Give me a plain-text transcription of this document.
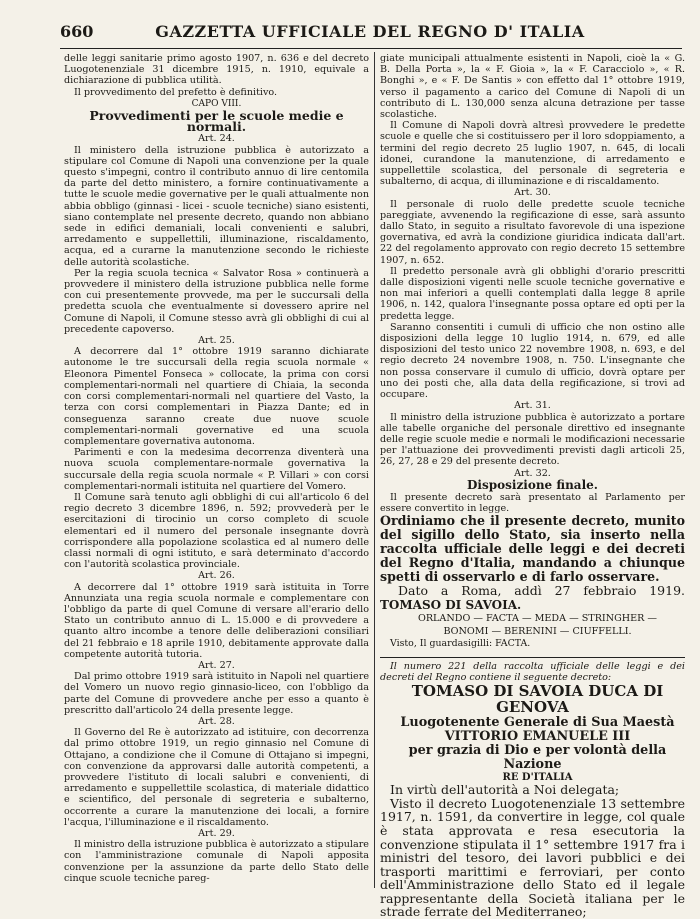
GAZZETTA UFFICIALE DEL REGNO D' ITALIA
660

delle leggi sanitarie primo agosto 1907, n. 636 e del decreto Luogotenenziale 31 dicembre 1915, n. 1910, equivale a dichiarazione di pubblica utilità.

Il provvedimento del prefetto è definitivo.

CAPO VIII.
Provvedimenti per le scuole medie e normali.
Art. 24.

Il ministero della istruzione pubblica è autorizzato a stipulare col Comune di Napoli una convenzione per la quale questo s'impegni, contro il contributo annuo di lire centomila da parte del detto ministero, a fornire continuativamente a tutte le scuole medie governative per le quali attualmente non abbia obbligo (ginnasi - licei - scuole tecniche) siano esistenti, siano contemplate nel presente decreto, quando non abbiano sede in edifici demaniali, locali convenienti e salubri, arredamento e suppellettili, illuminazione, riscaldamento, acqua, ed a curarne la manutenzione secondo le richieste delle autorità scolastiche.

Per la regia scuola tecnica « Salvator Rosa » continuerà a provvedere il ministero della istruzione pubblica nelle forme con cui presentemente provvede, ma per le succursali della predetta scuola che eventualmente si dovessero aprire nel Comune di Napoli, il Comune stesso avrà gli obblighi di cui al precedente capoverso.

Art. 25.

A decorrere dal 1° ottobre 1919 saranno dichiarate autonome le tre succursali della regia scuola normale « Eleonora Pimentel Fonseca » collocate, la prima con corsi complementari-normali nel quartiere di Chiaia, la seconda con corsi complementari-normali nel quartiere del Vasto, la terza con corsi complementari in Piazza Dante; ed in conseguenza saranno create due nuove scuole complementari-normali governative ed una scuola complementare governativa autonoma.

Parimenti e con la medesima decorrenza diventerà una nuova scuola complementare-normale governativa la succursale della regia scuola normale « P. Villari » con corsi complementari-normali istituita nel quartiere del Vomero.

Il Comune sarà tenuto agli obblighi di cui all'articolo 6 del regio decreto 3 dicembre 1896, n. 592; provvederà per le esercitazioni di tirocinio un corso completo di scuole elementari ed il numero del personale insegnante dovrà corrispondere alla popolazione scolastica ed al numero delle classi normali di ogni istituto, e sarà determinato d'accordo con l'autorità scolastica provinciale.

Art. 26.

A decorrere dal 1° ottobre 1919 sarà istituita in Torre Annunziata una regia scuola normale e complementare con l'obbligo da parte di quel Comune di versare all'erario dello Stato un contributo annuo di L. 15.000 e di provvedere a quanto altro incombe a tenore delle deliberazioni consiliari del 21 febbraio e 18 aprile 1910, debitamente approvate dalla competente autorità tutoria.

Art. 27.

Dal primo ottobre 1919 sarà istituito in Napoli nel quartiere del Vomero un nuovo regio ginnasio-liceo, con l'obbligo da parte del Comune di provvedere anche per esso a quanto è prescritto dall'articolo 24 della presente legge.

Art. 28.

Il Governo del Re è autorizzato ad istituire, con decorrenza dal primo ottobre 1919, un regio ginnasio nel Comune di Ottajano, a condizione che il Comune di Ottajano si impegni, con convenzione da approvarsi dalle autorità competenti, a provvedere l'istituto di locali salubri e convenienti, di arredamento e suppellettile scolastica, di materiale didattico e scientifico, del personale di segreteria e subalterno, occorrente a curare la manutenzione dei locali, a fornire l'acqua, l'illuminazione e il riscaldamento.

Art. 29.

Il ministro della istruzione pubblica è autorizzato a stipulare con l'amministrazione comunale di Napoli apposita convenzione per la assunzione da parte dello Stato delle cinque scuole tecniche pareg-

giate municipali attualmente esistenti in Napoli, cioè la « G. B. Della Porta », la « F. Gioia », la « F. Caracciolo », « R. Bonghi », e « F. De Santis » con effetto dal 1° ottobre 1919, verso il pagamento a carico del Comune di Napoli di un contributo di L. 130,000 senza alcuna detrazione per tasse scolastiche.

Il Comune di Napoli dovrà altresì provvedere le predette scuole e quelle che si costituissero per il loro sdoppiamento, a termini del regio decreto 25 luglio 1907, n. 645, di locali idonei, curandone la manutenzione, di arredamento e suppellettile scolastica, del personale di segreteria e subalterno, di acqua, di illuminazione e di riscaldamento.

Art. 30.

Il personale di ruolo delle predette scuole tecniche pareggiate, avvenendo la regificazione di esse, sarà assunto dallo Stato, in seguito a risultato favorevole di una ispezione governativa, ed avrà la condizione giuridica indicata dall'art. 22 del regolamento approvato con regio decreto 15 settembre 1907, n. 652.

Il predetto personale avrà gli obblighi d'orario prescritti dalle disposizioni vigenti nelle scuole tecniche governative e non mai inferiori a quelli contemplati dalla legge 8 aprile 1906, n. 142, qualora l'insegnante possa optare ed opti per la predetta legge.

Saranno consentiti i cumuli di ufficio che non ostino alle disposizioni della legge 10 luglio 1914, n. 679, ed alle disposizioni del testo unico 22 novembre 1908, n. 693, e del regio decreto 24 novembre 1908, n. 750. L'insegnante che non possa conservare il cumulo di ufficio, dovrà optare per uno dei posti che, alla data della regificazione, si trovi ad occupare.

Art. 31.

Il ministro della istruzione pubblica è autorizzato a portare alle tabelle organiche del personale direttivo ed insegnante delle regie scuole medie e normali le modificazioni necessarie per l'attuazione dei provvedimenti previsti dagli articoli 25, 26, 27, 28 e 29 del presente decreto.

Art. 32.
Disposizione finale.

Il presente decreto sarà presentato al Parlamento per essere convertito in legge.

Ordiniamo che il presente decreto, munito del sigillo dello Stato, sia inserto nella raccolta ufficiale delle leggi e dei decreti del Regno d'Italia, mandando a chiunque spetti di osservarlo e di farlo osservare.

Dato a Roma, addì 27 febbraio 1919. TOMASO DI SAVOIA.

ORLANDO — FACTA — MEDA — STRINGHER —

BONOMI — BERENINI — CIUFFELLI.

Visto, Il guardasigilli: FACTA.

Il numero 221 della raccolta ufficiale delle leggi e dei decreti del Regno contiene il seguente decreto:

TOMASO DI SAVOIA DUCA DI GENOVA

Luogotenente Generale di Sua Maestà

VITTORIO EMANUELE III

per grazia di Dio e per volontà della Nazione

RE D'ITALIA

In virtù dell'autorità a Noi delegata;

Visto il decreto Luogotenenziale 13 settembre 1917, n. 1591, da convertire in legge, col quale è stata approvata e resa esecutoria la convenzione stipulata il 1° settembre 1917 fra i ministri del tesoro, dei lavori pubblici e dei trasporti marittimi e ferroviari, per conto dell'Amministrazione dello Stato ed il legale rappresentante della Società italiana per le strade ferrate del Mediterraneo;
